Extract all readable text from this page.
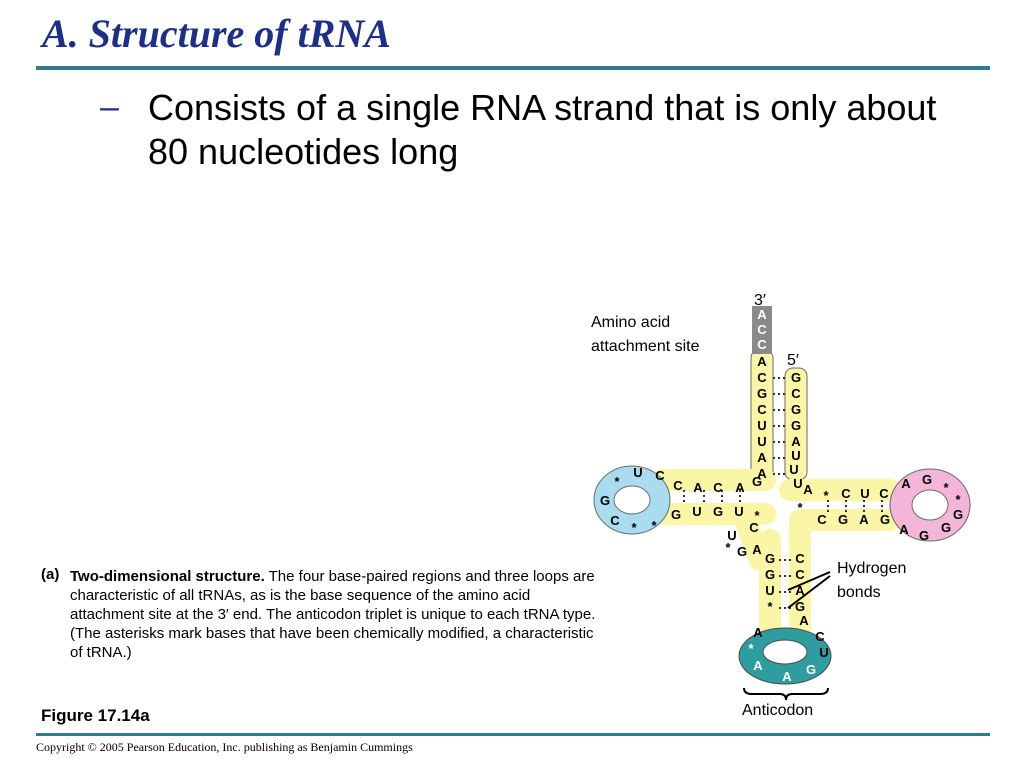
A. Structure of tRNA
– Consists of a single RNA strand that is only about 80 nucleotides long

A
C
C
A
C
G
C
U
U
A
A
G
C
G
G
A
U
U
U
G
A
C
A
C
C
U
*
G
C * *
G U G U *
A * C U C
A G
*
*
G
G
G
A
C G A G
U
*
C
G A
*
G
G
U
*
C
C
A
G
A
A
*
A
A G
U
C
3′
5′
Amino acid
attachment site
Hydrogen
bonds
Anticodon
(a) Two-dimensional structure. The four base-paired regions and three loops are characteristic of all tRNAs, as is the base sequence of the amino acid attachment site at the 3′ end. The anticodon triplet is unique to each tRNA type. (The asterisks mark bases that have been chemically modified, a characteristic of tRNA.)

Figure 17.14a
Copyright © 2005 Pearson Education, Inc. publishing as Benjamin Cummings
